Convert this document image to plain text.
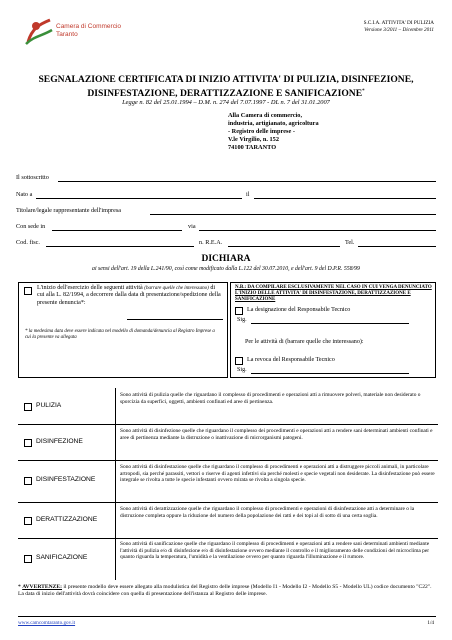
Camera di Commercio
Taranto
S.C.I.A. ATTIVITA' DI PULIZIA
Versione 3/2011 – Dicembre 2011
SEGNALAZIONE CERTIFICATA DI INIZIO ATTIVITA' DI PULIZIA, DISINFEZIONE,
DISINFESTAZIONE, DERATTIZZAZIONE E SANIFICAZIONE*
Legge n. 82 del 25.01.1994 – D.M. n. 274 del 7.07.1997 - DL n. 7 del 31.01.2007
Alla Camera di commercio,
industria, artigianato, agricoltura
- Registro delle imprese -
V.le Virgilio, n. 152
74100 TARANTO
Il sottoscritto
Nato a	il
Titolare/legale rappresentante dell'impresa
Con sede in	via
Cod. fisc.	n. R.E.A.	Tel.
DICHIARA
ai sensi dell'art. 19 della L.241/90, così come modificato dalla L.122 del 30.07.2010, e dell'art. 9 del D.P.R. 558/99
L'inizio dell'esercizio delle seguenti attività (barrare quelle che interessano) di cui alla L. 82/1994, a decorrere dalla data di presentazione/spedizione della presente denuncia*:
* la medesima data deve essere indicata nel modello di domanda/denuncia al Registro Imprese a cui la presente va allegata
N.B.: DA COMPILARE ESCLUSIVAMENTE NEL CASO IN CUI VENGA DENUNCIATO L'INIZIO DELLE ATTIVITA' DI DISINFESTAZIONE, DERATTIZZAZIONE E SANIFICAZIONE
La designazione del Responsabile Tecnico
Sig.
Per le attività di (barrare quelle che interessano):
La revoca del Responsabile Tecnico
Sig.
PULIZIA
Sono attività di pulizia quelle che riguardano il complesso di procedimenti e operazioni atti a rimuovere polveri, materiale non desiderato o sporcizia da superfici, oggetti, ambienti confinati ed aree di pertinenza.
DISINFEZIONE
Sono attività di disinfezione quelle che riguardano il complesso dei procedimenti e operazioni atti a rendere sani determinati ambienti confinati e aree di pertinenza mediante la distruzione o inattivazione di microrganismi patogeni.
DISINFESTAZIONE
Sono attività di disinfestazione quelle che riguardano il complesso di procedimenti e operazioni atti a distruggere piccoli animali, in particolare artropodi, sia perché parassiti, vettori o riserve di agenti infettivi sia perché molesti e specie vegetali non desiderate. La disinfestazione può essere integrale se rivolta a tutte le specie infestanti ovvero mirata se rivolta a singola specie.
DERATTIZZAZIONE
Sono attività di derattizzazione quelle che riguardano il complesso di procedimenti e operazioni di disinfestazione atti a determinare o la distruzione completa oppure la riduzione del numero della popolazione dei ratti e dei topi al di sotto di una certa soglia.
SANIFICAZIONE
Sono attività di sanificazione quelle che riguardano il complesso di procedimenti e operazioni atti a rendere sani determinati ambienti mediante l'attività di pulizia e/o di disinfezione e/o di disinfestazione ovvero mediante il controllo e il miglioramento delle condizioni del microclima per quanto riguarda la temperatura, l'umidità e la ventilazione ovvero per quanto riguarda l'illuminazione e il rumore.
* AVVERTENZE: il presente modello deve essere allegato alla modulistica del Registro delle imprese (Modello I1 - Modello I2 - Modello S5 - Modello UL) codice documento "C22".
La data di inizio dell'attività dovrà coincidere con quella di presentazione dell'istanza al Registro delle imprese.
www.camcomtaranto.gov.it	1/4
